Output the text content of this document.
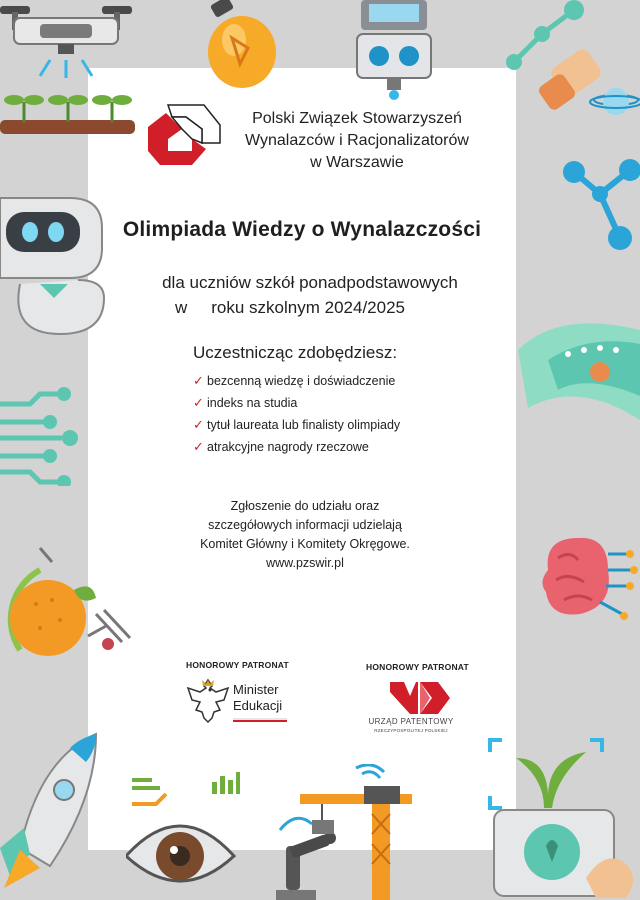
Polski Związek Stowarzyszeń
Wynalazców i Racjonalizatorów
w Warszawie
Olimpiada Wiedzy o Wynalazczości
dla uczniów szkół ponadpodstawowych
w roku szkolnym 2024/2025
Uczestnicząc zdobędziesz:
✓ bezcenną wiedzę i doświadczenie
✓ indeks na studia
✓ tytuł laureata lub finalisty olimpiady
✓ atrakcyjne nagrody rzeczowe
Zgłoszenie do udziału oraz
szczegółowych informacji udzielają
Komitet Główny i Komitety Okręgowe.
www.pzswir.pl
HONOROWY PATRONAT
Minister
Edukacji
HONOROWY PATRONAT
URZĄD PATENTOWY
RZECZYPOSPOLITEJ POLSKIEJ
